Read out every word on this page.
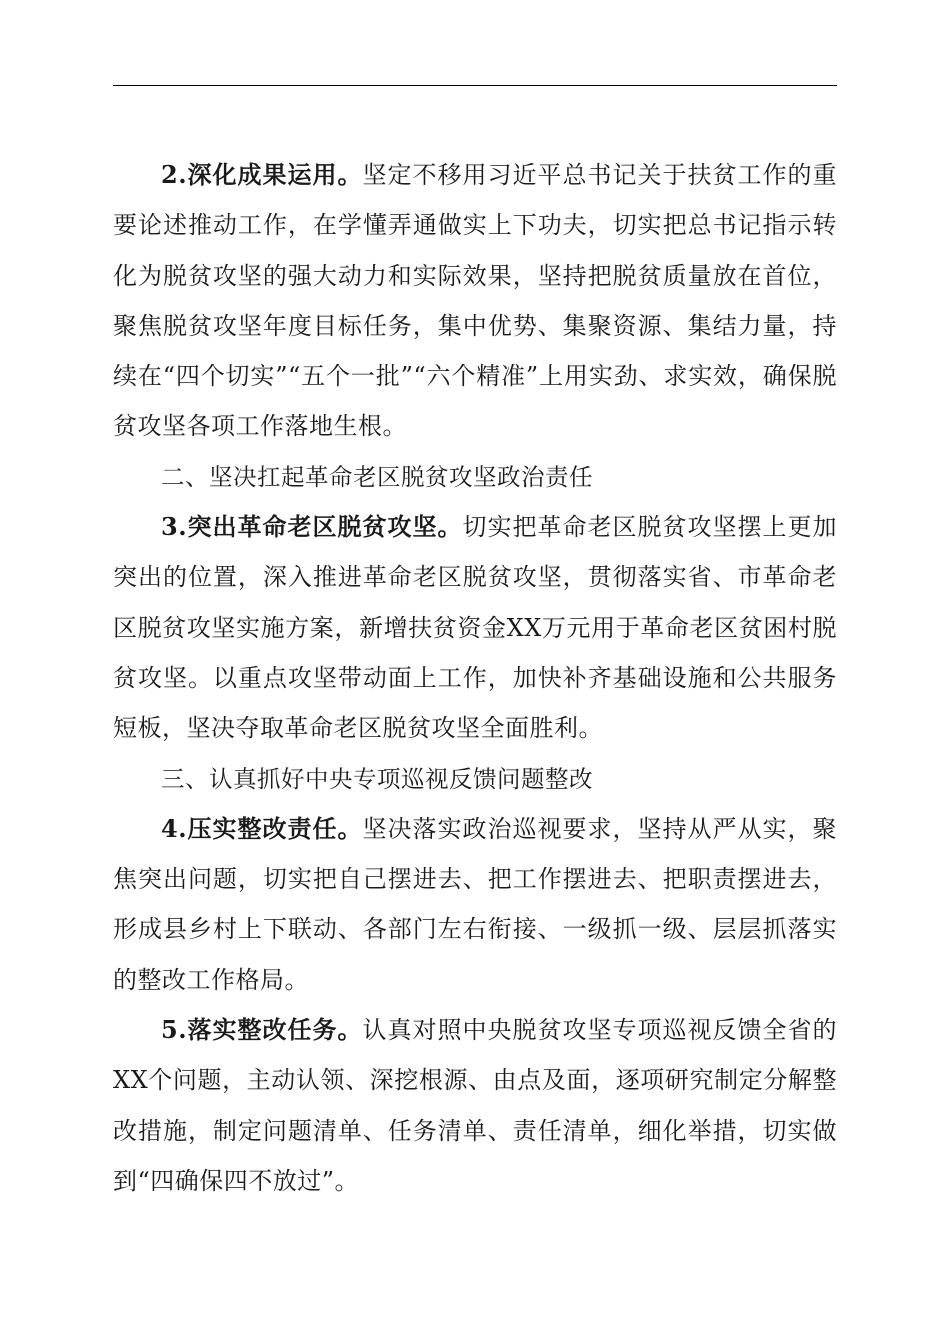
2.深化成果运用。坚定不移用习近平总书记关于扶贫工作的重要论述推动工作，在学懂弄通做实上下功夫，切实把总书记指示转化为脱贫攻坚的强大动力和实际效果，坚持把脱贫质量放在首位，聚焦脱贫攻坚年度目标任务，集中优势、集聚资源、集结力量，持续在“四个切实”“五个一批”“六个精准”上用实劲、求实效，确保脱贫攻坚各项工作落地生根。

二、坚决扛起革命老区脱贫攻坚政治责任

3.突出革命老区脱贫攻坚。切实把革命老区脱贫攻坚摆上更加突出的位置，深入推进革命老区脱贫攻坚，贯彻落实省、市革命老区脱贫攻坚实施方案，新增扶贫资金XX万元用于革命老区贫困村脱贫攻坚。以重点攻坚带动面上工作，加快补齐基础设施和公共服务短板，坚决夺取革命老区脱贫攻坚全面胜利。

三、认真抓好中央专项巡视反馈问题整改

4.压实整改责任。坚决落实政治巡视要求，坚持从严从实，聚焦突出问题，切实把自己摆进去、把工作摆进去、把职责摆进去，形成县乡村上下联动、各部门左右衔接、一级抓一级、层层抓落实的整改工作格局。

5.落实整改任务。认真对照中央脱贫攻坚专项巡视反馈全省的XX个问题，主动认领、深挖根源、由点及面，逐项研究制定分解整改措施，制定问题清单、任务清单、责任清单，细化举措，切实做到“四确保四不放过”。
